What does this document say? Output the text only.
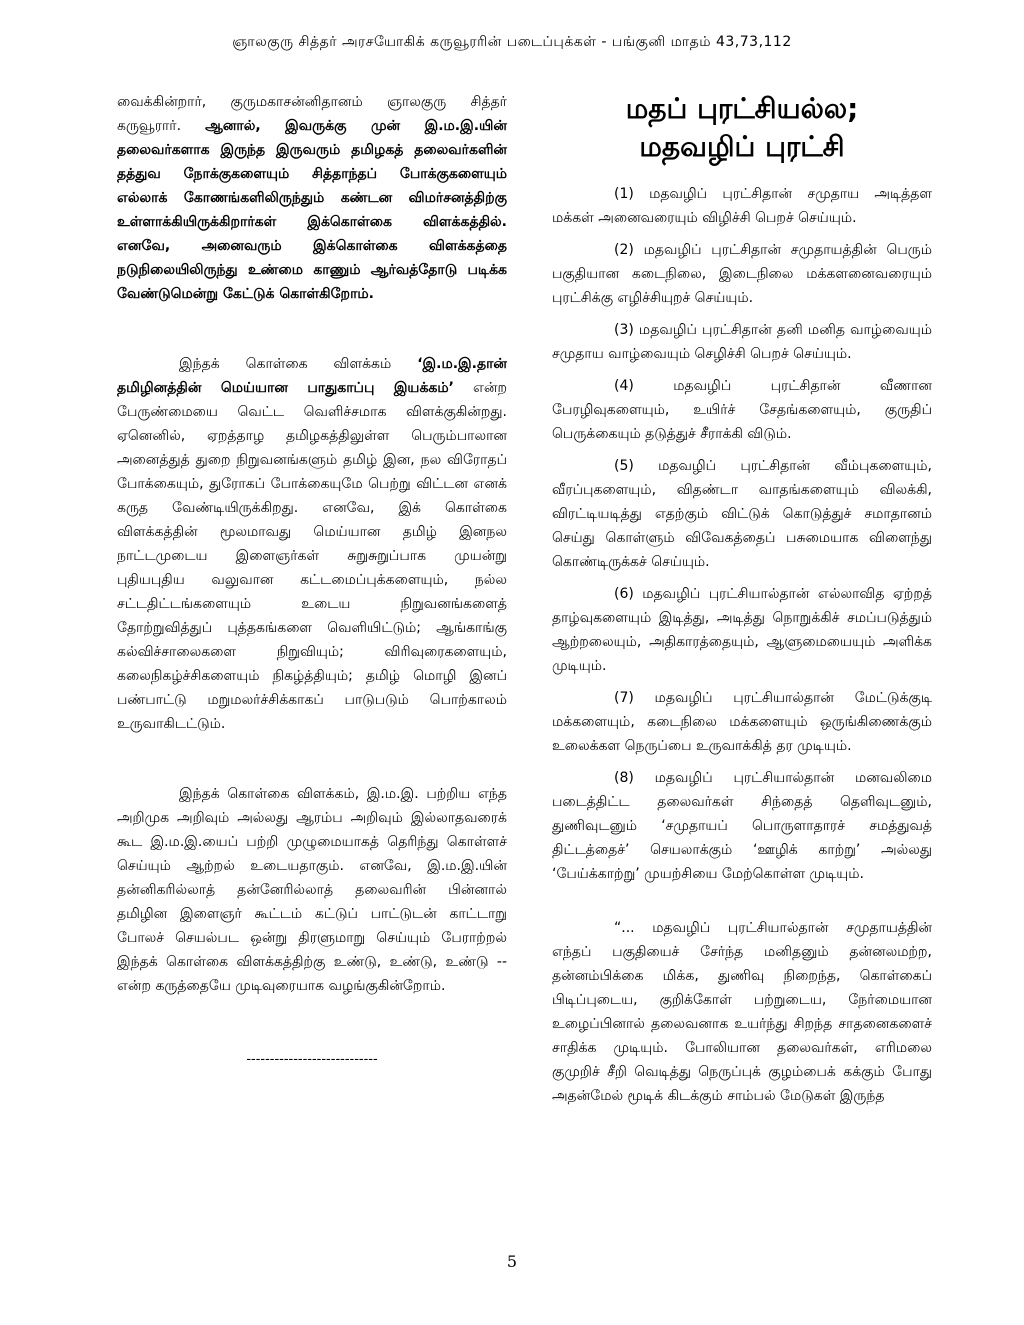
ஞாலகுரு சித்தர் அரசயோகிக் கருவூரரின் படைப்புக்கள் - பங்குனி மாதம் 43,73,112

வைக்கின்றார், குருமகாசன்னிதானம் ஞாலகுரு சித்தர் கருவூரார். ஆனால், இவருக்கு முன் இ.ம.இ.யின் தலைவர்களாக இருந்த இருவரும் தமிழகத் தலைவர்களின் தத்துவ நோக்குகளையும் சித்தாந்தப் போக்குகளையும் எல்லாக் கோணங்களிலிருந்தும் கண்டன விமர்சனத்திற்கு உள்ளாக்கியிருக்கிறார்கள் இக்கொள்கை விளக்கத்தில். எனவே, அனைவரும் இக்கொள்கை விளக்கத்தை நடுநிலையிலிருந்து உண்மை காணும் ஆர்வத்தோடு படிக்க வேண்டுமென்று கேட்டுக் கொள்கிறோம்.

இந்தக் கொள்கை விளக்கம் ‘இ.ம.இ.தான் தமிழினத்தின் மெய்யான பாதுகாப்பு இயக்கம்’ என்ற பேருண்மையை வெட்ட வெளிச்சமாக விளக்குகின்றது. ஏனெனில், ஏறத்தாழ தமிழகத்திலுள்ள பெரும்பாலான அனைத்துத் துறை நிறுவனங்களும் தமிழ் இன, நல விரோதப் போக்கையும், துரோகப் போக்கையுமே பெற்று விட்டன எனக் கருத வேண்டியிருக்கிறது. எனவே, இக் கொள்கை விளக்கத்தின் மூலமாவது மெய்யான தமிழ் இனநல நாட்டமுடைய இளைஞர்கள் சுறுசுறுப்பாக முயன்று புதியபுதிய வலுவான கட்டமைப்புக்களையும், நல்ல சட்டதிட்டங்களையும் உடைய நிறுவனங்களைத் தோற்றுவித்துப் புத்தகங்களை வெளியிட்டும்; ஆங்காங்கு கல்விச்சாலைகளை நிறுவியும்; விரிவுரைகளையும், கலைநிகழ்ச்சிகளையும் நிகழ்த்தியும்; தமிழ் மொழி இனப் பண்பாட்டு மறுமலர்ச்சிக்காகப் பாடுபடும் பொற்காலம் உருவாகிடட்டும்.

இந்தக் கொள்கை விளக்கம், இ.ம.இ. பற்றிய எந்த அறிமுக அறிவும் அல்லது ஆரம்ப அறிவும் இல்லாதவரைக் கூட இ.ம.இ.யைப் பற்றி முழுமையாகத் தெரிந்து கொள்ளச் செய்யும் ஆற்றல் உடையதாகும். எனவே, இ.ம.இ.யின் தன்னிகரில்லாத் தன்னேரில்லாத் தலைவரின் பின்னால் தமிழின இளைஞர் கூட்டம் கட்டுப் பாட்டுடன் காட்டாறு போலச் செயல்பட ஒன்று திரளுமாறு செய்யும் பேராற்றல் இந்தக் கொள்கை விளக்கத்திற்கு உண்டு, உண்டு, உண்டு -- என்ற கருத்தையே முடிவுரையாக வழங்குகின்றோம்.

----------------------------
மதப் புரட்சியல்ல;
மதவழிப் புரட்சி

(1) மதவழிப் புரட்சிதான் சமுதாய அடித்தள மக்கள் அனைவரையும் விழிச்சி பெறச் செய்யும்.

(2) மதவழிப் புரட்சிதான் சமுதாயத்தின் பெரும் பகுதியான கடைநிலை, இடைநிலை மக்களனைவரையும் புரட்சிக்கு எழிச்சியுறச் செய்யும்.

(3) மதவழிப் புரட்சிதான் தனி மனித வாழ்வையும் சமுதாய வாழ்வையும் செழிச்சி பெறச் செய்யும்.

(4) மதவழிப் புரட்சிதான் வீணான பேரழிவுகளையும், உயிர்ச் சேதங்களையும், குருதிப் பெருக்கையும் தடுத்துச் சீராக்கி விடும்.

(5) மதவழிப் புரட்சிதான் வீம்புகளையும், வீரப்புகளையும், விதண்டா வாதங்களையும் விலக்கி, விரட்டியடித்து எதற்கும் விட்டுக் கொடுத்துச் சமாதானம் செய்து கொள்ளும் விவேகத்தைப் பசுமையாக விளைந்து கொண்டிருக்கச் செய்யும்.

(6) மதவழிப் புரட்சியால்தான் எல்லாவித ஏற்றத் தாழ்வுகளையும் இடித்து, அடித்து நொறுக்கிச் சமப்படுத்தும் ஆற்றலையும், அதிகாரத்தையும், ஆளுமையையும் அளிக்க முடியும்.

(7) மதவழிப் புரட்சியால்தான் மேட்டுக்குடி மக்களையும், கடைநிலை மக்களையும் ஒருங்கிணைக்கும் உலைக்கள நெருப்பை உருவாக்கித் தர முடியும்.

(8) மதவழிப் புரட்சியால்தான் மனவலிமை படைத்திட்ட தலைவர்கள் சிந்தைத் தெளிவுடனும், துணிவுடனும் ‘சமுதாயப் பொருளாதாரச் சமத்துவத் திட்டத்தைச்’ செயலாக்கும் ‘ஊழிக் காற்று’ அல்லது ‘பேய்க்காற்று’ முயற்சியை மேற்கொள்ள முடியும்.

“... மதவழிப் புரட்சியால்தான் சமுதாயத்தின் எந்தப் பகுதியைச் சேர்ந்த மனிதனும் தன்னலமற்ற, தன்னம்பிக்கை மிக்க, துணிவு நிறைந்த, கொள்கைப் பிடிப்புடைய, குறிக்கோள் பற்றுடைய, நேர்மையான உழைப்பினால் தலைவனாக உயர்ந்து சிறந்த சாதனைகளைச் சாதிக்க முடியும். போலியான தலைவர்கள், எரிமலை குமுறிச் சீறி வெடித்து நெருப்புக் குழம்பைக் கக்கும் போது அதன்மேல் மூடிக் கிடக்கும் சாம்பல் மேடுகள் இருந்த

5
